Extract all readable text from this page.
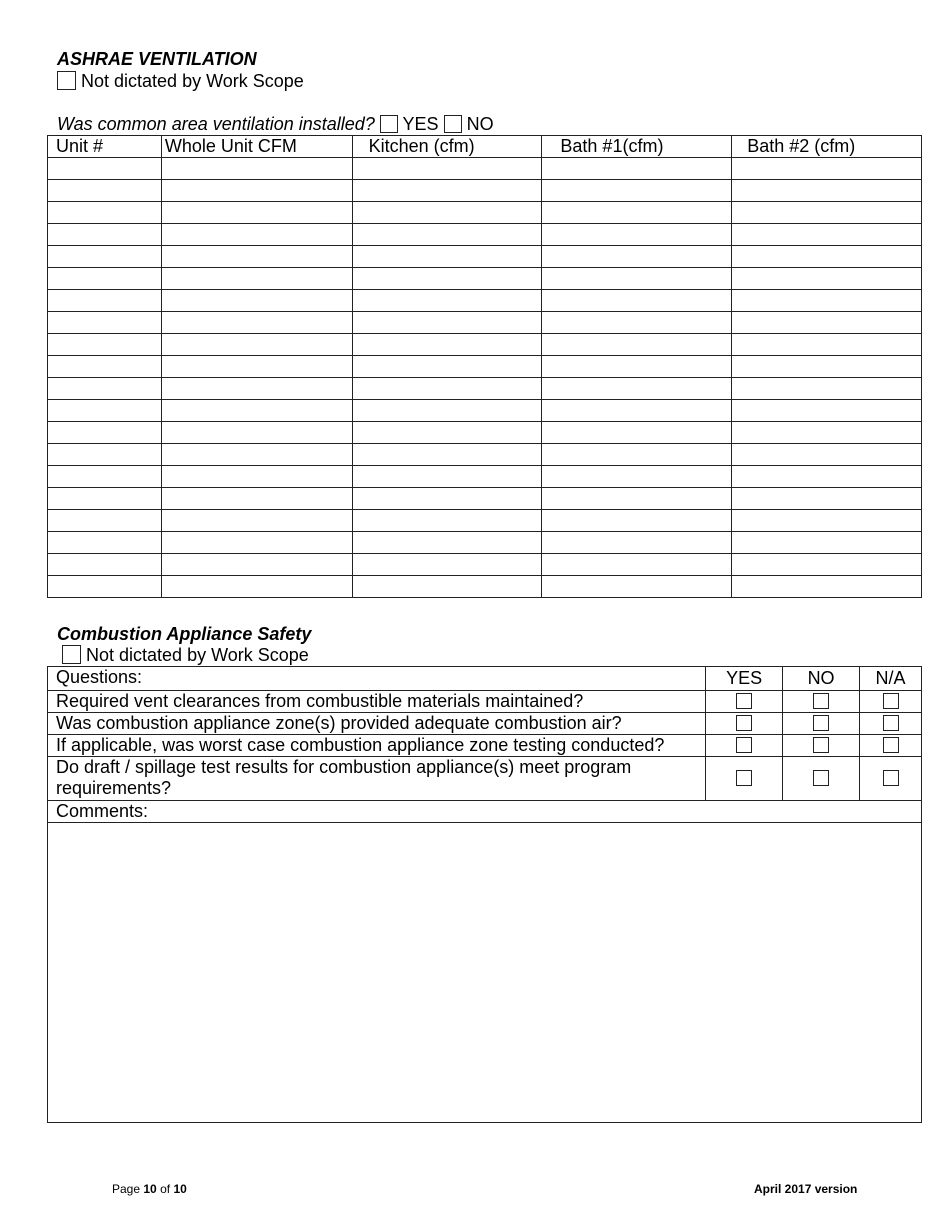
ASHRAE VENTILATION
Not dictated by Work Scope
Was common area ventilation installed? YES NO
Unit #	Whole Unit CFM	Kitchen (cfm)	Bath #1(cfm)	Bath #2 (cfm)

Combustion Appliance Safety
Not dictated by Work Scope
Questions:	YES	NO	N/A
Required vent clearances from combustible materials maintained?			
Was combustion appliance zone(s) provided adequate combustion air?			
If applicable, was worst case combustion appliance zone testing conducted?			
Do draft / spillage test results for combustion appliance(s) meet program requirements?			
Comments:			

Page 10 of 10	April 2017 version
